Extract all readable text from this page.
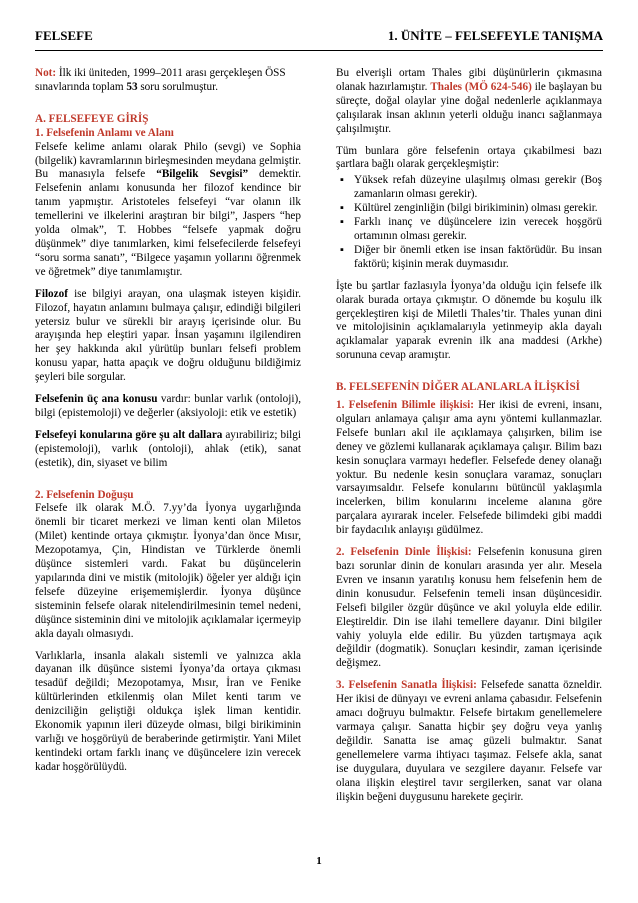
FELSEFE	1. ÜNİTE – FELSEFEYLE TANIŞMA

Not: İlk iki üniteden, 1999–2011 arası gerçekleşen ÖSS sınavlarında toplam 53 soru sorulmuştur.

A. FELSEFEYE GİRİŞ

1. Felsefenin Anlamı ve Alanı

Felsefe kelime anlamı olarak Philo (sevgi) ve Sophia (bilgelik) kavramlarının birleşmesinden meydana gelmiştir. Bu manasıyla felsefe “Bilgelik Sevgisi” demektir. Felsefenin anlamı konusunda her filozof kendince bir tanım yapmıştır. Aristoteles felsefeyi “var olanın ilk temellerini ve ilkelerini araştıran bir bilgi”, Jaspers “hep yolda olmak”, T. Hobbes “felsefe yapmak doğru düşünmek” diye tanımlarken, kimi felsefecilerde felsefeyi “soru sorma sanatı”, “Bilgece yaşamın yollarını öğrenmek ve öğretmek” diye tanımlamıştır.

Filozof ise bilgiyi arayan, ona ulaşmak isteyen kişidir. Filozof, hayatın anlamını bulmaya çalışır, edindiği bilgileri yetersiz bulur ve sürekli bir arayış içerisinde olur. Bu arayışında hep eleştiri yapar. İnsan yaşamını ilgilendiren her şey hakkında akıl yürütüp bunları felsefi problem konusu yapar, hatta apaçık ve doğru olduğunu bildiğimiz şeyleri bile sorgular.

Felsefenin üç ana konusu vardır: bunlar varlık (ontoloji), bilgi (epistemoloji) ve değerler (aksiyoloji: etik ve estetik)

Felsefeyi konularına göre şu alt dallara ayırabiliriz; bilgi (epistemoloji), varlık (ontoloji), ahlak (etik), sanat (estetik), din, siyaset ve bilim

2. Felsefenin Doğuşu

Felsefe ilk olarak M.Ö. 7.yy’da İyonya uygarlığında önemli bir ticaret merkezi ve liman kenti olan Miletos (Milet) kentinde ortaya çıkmıştır. İyonya’dan önce Mısır, Mezopotamya, Çin, Hindistan ve Türklerde önemli düşünce sistemleri vardı. Fakat bu düşüncelerin yapılarında dini ve mistik (mitolojik) öğeler yer aldığı için felsefe düzeyine erişememişlerdir. İyonya düşünce sisteminin felsefe olarak nitelendirilmesinin temel nedeni, düşünce sisteminin dini ve mitolojik açıklamalar içermeyip akla dayalı olmasıydı.

Varlıklarla, insanla alakalı sistemli ve yalnızca akla dayanan ilk düşünce sistemi İyonya’da ortaya çıkması tesadüf değildi; Mezopotamya, Mısır, İran ve Fenike kültürlerinden etkilenmiş olan Milet kenti tarım ve denizciliğin geliştiği oldukça işlek liman kentidir. Ekonomik yapının ileri düzeyde olması, bilgi birikiminin varlığı ve hoşgörüyü de beraberinde getirmiştir. Yani Milet kentindeki ortam farklı inanç ve düşüncelere izin verecek kadar hoşgörülüydü.

Bu elverişli ortam Thales gibi düşünürlerin çıkmasına olanak hazırlamıştır. Thales (MÖ 624-546) ile başlayan bu süreçte, doğal olaylar yine doğal nedenlerle açıklanmaya çalışılarak insan aklının yeterli olduğu inancı sağlanmaya çalışılmıştır.

Tüm bunlara göre felsefenin ortaya çıkabilmesi bazı şartlara bağlı olarak gerçekleşmiştir:

▪ Yüksek refah düzeyine ulaşılmış olması gerekir (Boş zamanların olması gerekir).
▪ Kültürel zenginliğin (bilgi birikiminin) olması gerekir.
▪ Farklı inanç ve düşüncelere izin verecek hoşgörü ortamının olması gerekir.
▪ Diğer bir önemli etken ise insan faktörüdür. Bu insan faktörü; kişinin merak duymasıdır.

İşte bu şartlar fazlasıyla İyonya’da olduğu için felsefe ilk olarak burada ortaya çıkmıştır. O dönemde bu koşulu ilk gerçekleştiren kişi de Miletli Thales’tir. Thales yunan dini ve mitolojisinin açıklamalarıyla yetinmeyip akla dayalı açıklamalar yaparak evrenin ilk ana maddesi (Arkhe) sorununa cevap aramıştır.

B. FELSEFENİN DİĞER ALANLARLA İLİŞKİSİ

1. Felsefenin Bilimle ilişkisi: Her ikisi de evreni, insanı, olguları anlamaya çalışır ama aynı yöntemi kullanmazlar. Felsefe bunları akıl ile açıklamaya çalışırken, bilim ise deney ve gözlemi kullanarak açıklamaya çalışır. Bilim bazı kesin sonuçlara varmayı hedefler. Felsefede deney olanağı yoktur. Bu nedenle kesin sonuçlara varamaz, sonuçları varsayımsaldır. Felsefe konularını bütüncül yaklaşımla incelerken, bilim konularını inceleme alanına göre parçalara ayırarak inceler. Felsefede bilimdeki gibi maddi bir faydacılık anlayışı güdülmez.

2. Felsefenin Dinle İlişkisi: Felsefenin konusuna giren bazı sorunlar dinin de konuları arasında yer alır. Mesela Evren ve insanın yaratılış konusu hem felsefenin hem de dinin konusudur. Felsefenin temeli insan düşüncesidir. Felsefi bilgiler özgür düşünce ve akıl yoluyla elde edilir. Eleştireldir. Din ise ilahi temellere dayanır. Dini bilgiler vahiy yoluyla elde edilir. Bu yüzden tartışmaya açık değildir (dogmatik). Sonuçları kesindir, zaman içerisinde değişmez.

3. Felsefenin Sanatla İlişkisi: Felsefede sanatta özneldir. Her ikisi de dünyayı ve evreni anlama çabasıdır. Felsefenin amacı doğruyu bulmaktır. Felsefe birtakım genellemelere varmaya çalışır. Sanatta hiçbir şey doğru veya yanlış değildir. Sanatta ise amaç güzeli bulmaktır. Sanat genellemelere varma ihtiyacı taşımaz. Felsefe akla, sanat ise duygulara, duyulara ve sezgilere dayanır. Felsefe var olana ilişkin eleştirel tavır sergilerken, sanat var olana ilişkin beğeni duygusunu harekete geçirir.

1
